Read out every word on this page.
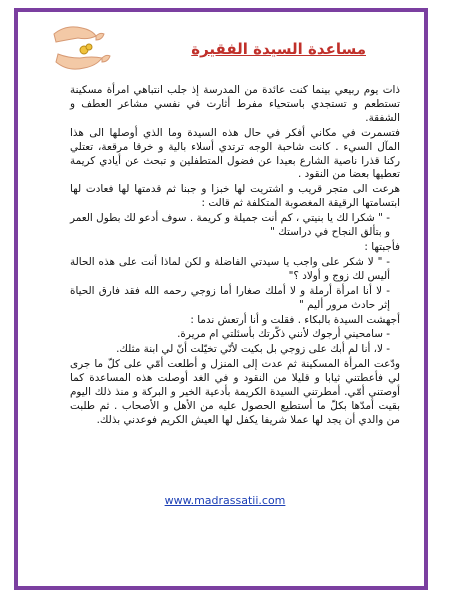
مساعدة السيدة الفقيرة

ذات يوم ربيعي بينما كنت عائدة من المدرسة إذ جلب انتباهي امرأة مسكينة تستطعم و تستجدي باستحياء مفرط أثارت في نفسي مشاعر العطف و الشفقة.

فتسمرت في مكاني أفكر في حال هذه السيدة وما الذي أوصلها الى هذا المآل السيء . كانت شاحبة الوجه ترتدي أسلاء بالية و خرقا مرقعة، تعتلي ركنا قذرا ناصية الشارع بعيدا عن فضول المتطفلين و تبحث عن أيادي كريمة تعطيها بعضا من النقود .

هرعت الى متجر قريب و اشتريت لها خبزا و جبنا ثم قدمتها لها فعادت لها ابتسامتها الرقيقة المغصوبة المتكلفة ثم قالت :

- " شكرا لك يا بنيتي ، كم أنت جميلة و كريمة . سوف أدعو لك بطول العمر و بتألق النجاح في دراستك "

فأجبتها :

- " لا شكر على واجب يا سيدتي الفاضلة و لكن لماذا أنت على هذه الحالة أليس لك زوج و أولاد ؟"

- لا أنا امرأة أرملة و لا أملك صغارا أما زوجي رحمه الله فقد فارق الحياة إثر حادث مرور أليم "

أجهشت السيدة بالبكاء . فقلت و أنا أرتعش ندما :

- سامحيني أرجوك لأنني ذكّرتك بأسئلتي ام مريرة.

- لا، أنا لم أبك على زوجي بل بكيت لأنّي تخيّلت أنّ لي ابنة مثلك.

ودّعت المرأة المسكينة ثم عدت إلى المنزل و أطلعت أمّي على كلّ ما جرى لي فأعطتني ثيابا و قليلا من النقود و في الغد أوصلت هذه المساعدة كما أوصتني أمّي. أمطرتني السيدة الكريمة بأدعية الخير و البركة و منذ ذلك اليوم بقيت أمدّها بكلّ ما أستطيع الحصول عليه من الأهل و الأصحاب . ثم طلبت من والدي أن يجد لها عملا شريفا يكفل لها العيش الكريم فوعدني بذلك.

www.madrassatii.com
